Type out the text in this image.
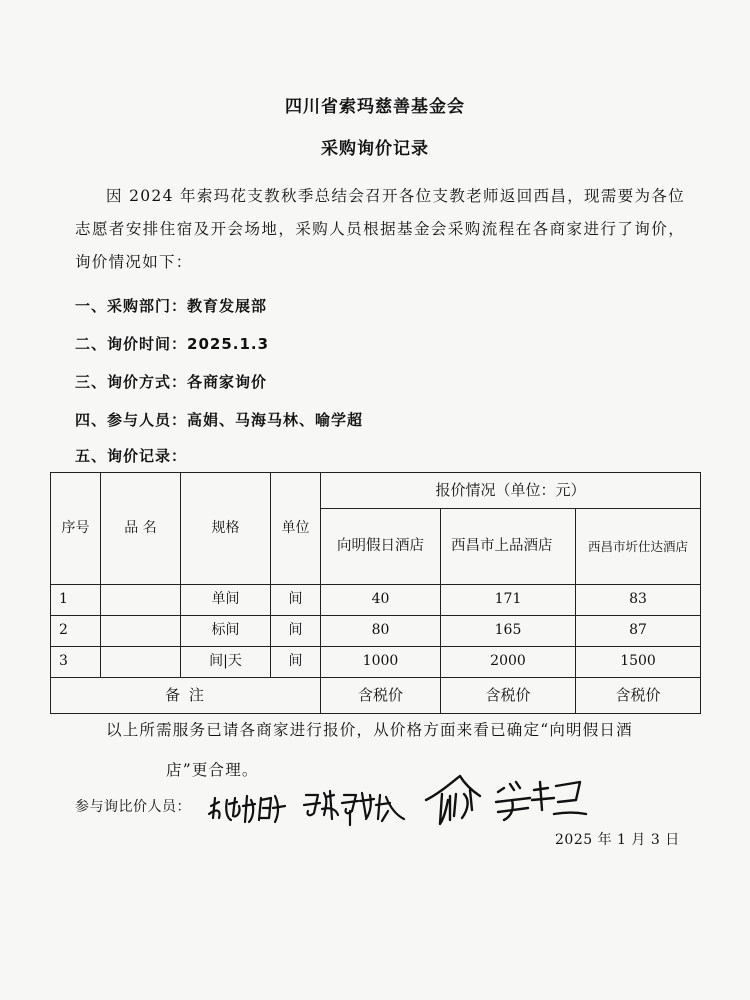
四川省索玛慈善基金会
采购询价记录
因 2024 年索玛花支教秋季总结会召开各位支教老师返回西昌，现需要为各位志愿者安排住宿及开会场地，采购人员根据基金会采购流程在各商家进行了询价，询价情况如下：
一、采购部门：教育发展部
二、询价时间：2025.1.3
三、询价方式：各商家询价
四、参与人员：高娟、马海马林、喻学超
五、询价记录：
序号	品 名	规格	单位	报价情况（单位：元）		
				向明假日酒店	西昌市上品酒店	西昌市圻仕达酒店
1		单间	间	40	171	83
2		标间	间	80	165	87
3		间|天	间	1000	2000	1500
备 注				含税价	含税价	含税价
以上所需服务已请各商家进行报价，从价格方面来看已确定“向明假日酒
店”更合理。
参与询比价人员：
2025 年 1 月 3 日
